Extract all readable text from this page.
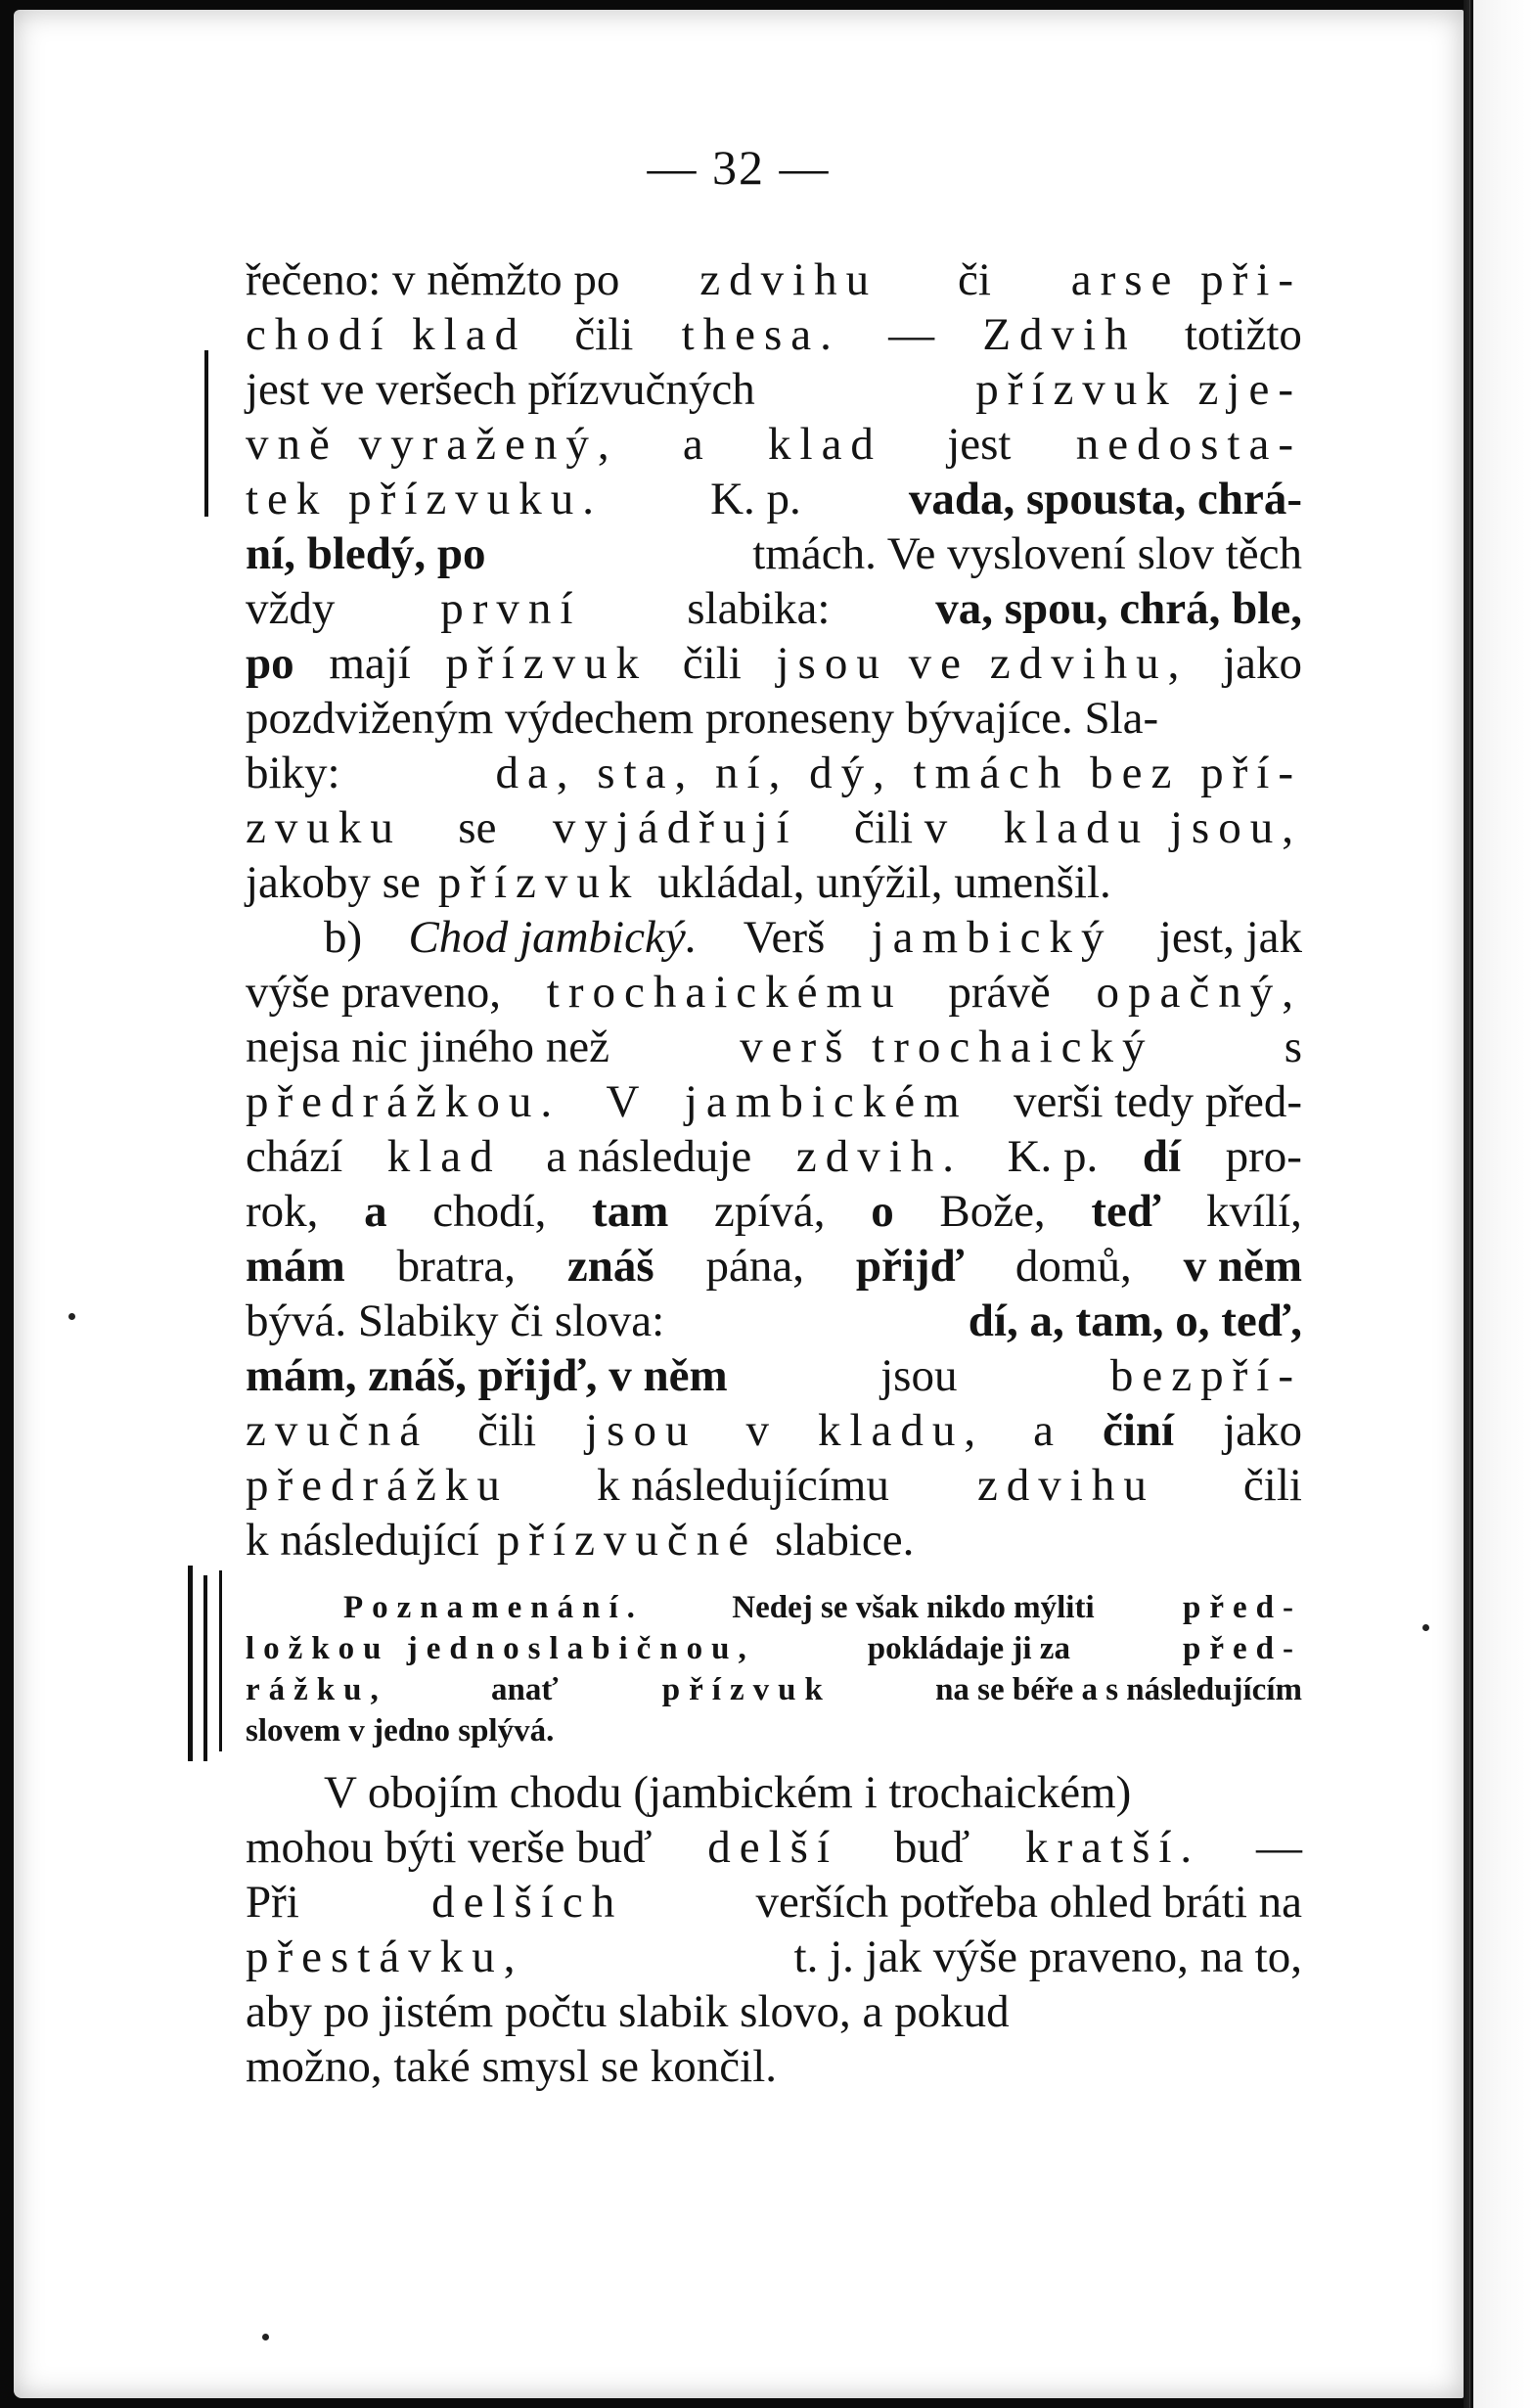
— 32 —
řečeno: v němžto po zdvihu či arse při-
chodí klad čili thesa. — Zdvih totižto
jest ve veršech přízvučných	přízvuk zje-
vně vyražený, a klad jest nedosta-
tek přízvuku. K. p. vada, spousta, chrá-
ní, bledý, po	tmách. Ve vyslovení slov těch
vždy první slabika: va, spou, chrá, ble,
po mají přízvuk čili jsou ve zdvihu, jako
pozdviženým výdechem proneseny bývajíce. Sla-
biky:	da, sta, ní, dý, tmách bez pří-
zvuku se vyjádřují čili v kladu jsou,
jakoby se přízvuk ukládal, unýžil, umenšil.
b) Chod jambický. Verš jambický jest, jak
výše praveno, trochaickému právě opačný,
nejsa nic jiného než	verš trochaický	s
předrážkou. V jambickém verši tedy před-
chází klad a následuje zdvih. K. p. dí pro-
rok, a chodí, tam zpívá, o Bože, teď kvílí,
mám bratra, znáš pána, přijď domů, v něm
bývá. Slabiky či slova:	dí, a, tam, o, teď,
mám, znáš, přijď, v něm	jsou	bezpří-
zvučná čili jsou v kladu, a činí jako
předrážku k následujícímu zdvihu čili
k následující přízvučné slabice.
Poznamenání.	Nedej se však nikdo mýliti	před-
ložkou jednoslabičnou,	pokládaje ji za	před-
rážku,	anať	přízvuk	na se béře a s následujícím
slovem v jedno splývá.
V obojím chodu (jambickém i trochaickém)
mohou býti verše buď delší buď kratší. —
Při	delších	verších potřeba ohled bráti na
přestávku,	t. j. jak výše praveno, na to,
aby po jistém počtu slabik slovo, a pokud
možno, také smysl se končil.
